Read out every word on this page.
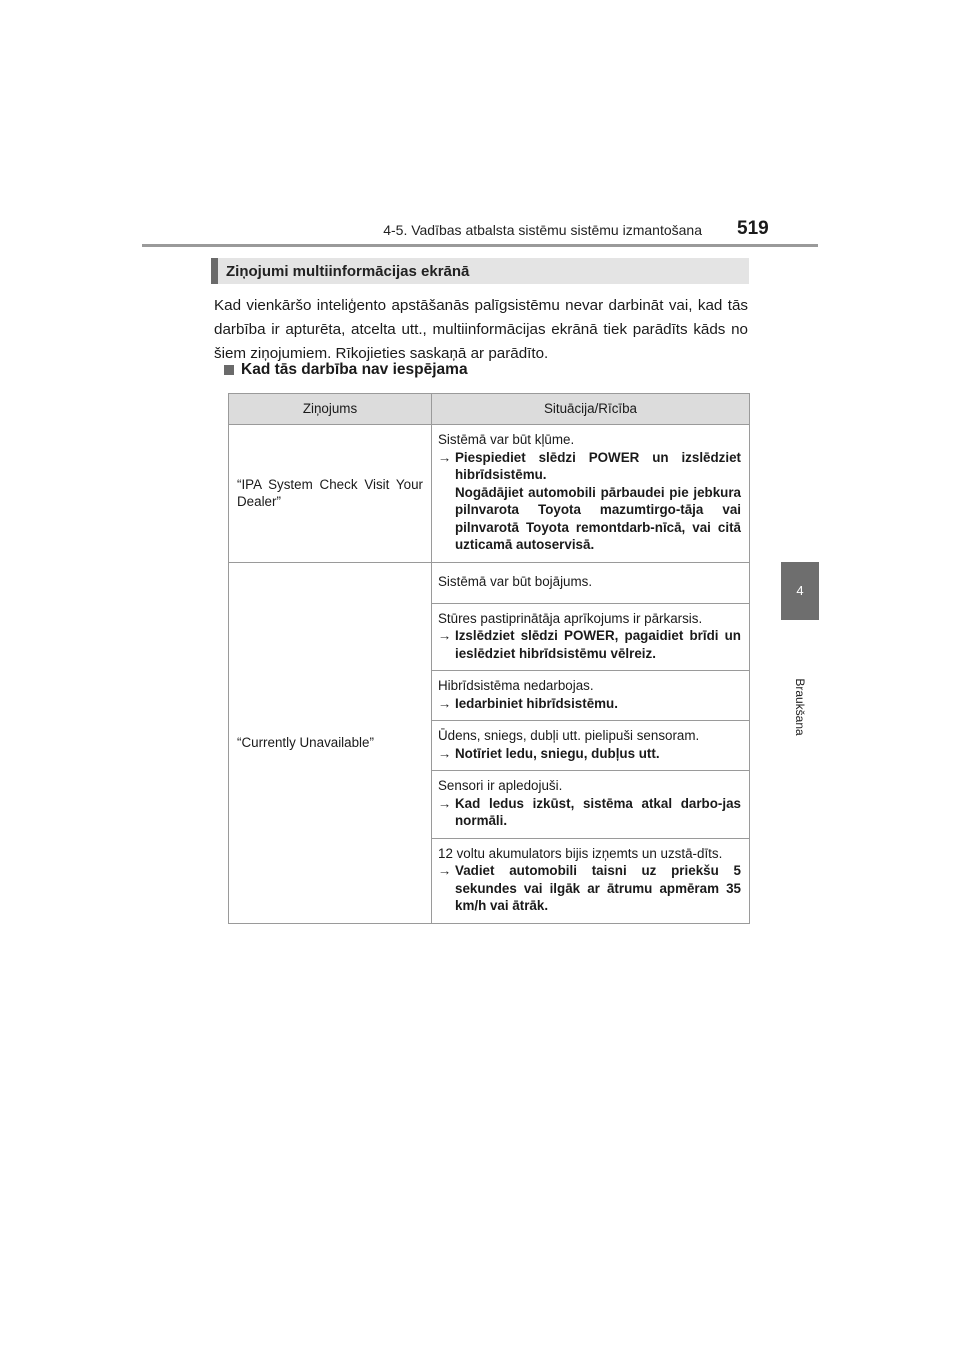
4-5. Vadības atbalsta sistēmu sistēmu izmantošana 519
4
Braukšana
Ziņojumi multiinformācijas ekrānā
Kad vienkāršo inteliģento apstāšanās palīgsistēmu nevar darbināt vai, kad tās darbība ir apturēta, atcelta utt., multiinformācijas ekrānā tiek parādīts kāds no šiem ziņojumiem. Rīkojieties saskaņā ar parādīto.
Kad tās darbība nav iespējama
Ziņojums	Situācija/Rīcība
“IPA System Check Visit Your Dealer”	Sistēmā var būt kļūme.
→ Piespiediet slēdzi POWER un izslēdziet hibrīdsistēmu.
Nogādājiet automobili pārbaudei pie jebkura pilnvarota Toyota mazumtirgo-tāja vai pilnvarotā Toyota remontdarb-nīcā, vai citā uzticamā autoservisā.

“Currently Unavailable”	Sistēmā var būt bojājums.

	Stūres pastiprinātāja aprīkojums ir pārkarsis.
→ Izslēdziet slēdzi POWER, pagaidiet brīdi un ieslēdziet hibrīdsistēmu vēlreiz.

	Hibrīdsistēma nedarbojas.
→ Iedarbiniet hibrīdsistēmu.

	Ūdens, sniegs, dubļi utt. pielipuši sensoram.
→ Notīriet ledu, sniegu, dubļus utt.

	Sensori ir apledojuši.
→ Kad ledus izkūst, sistēma atkal darbo-jas normāli.

	12 voltu akumulators bijis izņemts un uzstā-dīts.
→ Vadiet automobili taisni uz priekšu 5 sekundes vai ilgāk ar ātrumu apmēram 35 km/h vai ātrāk.
